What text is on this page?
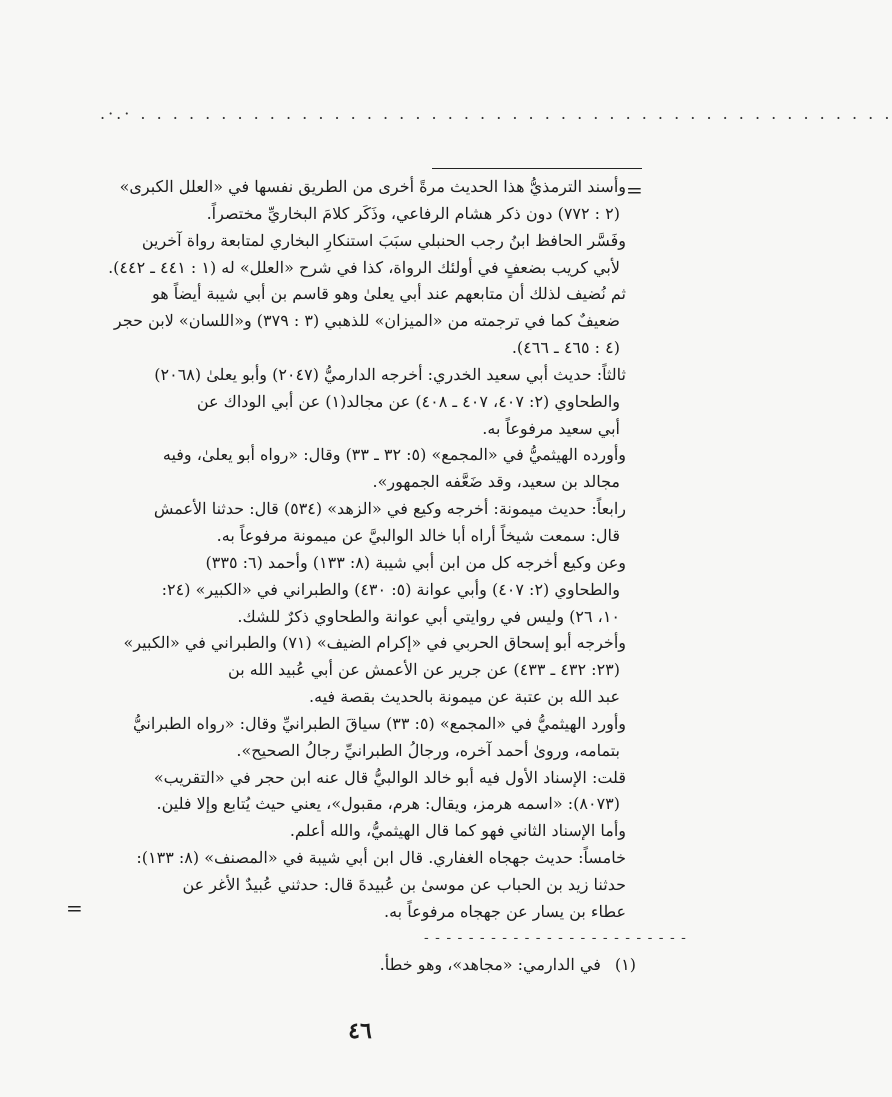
.·.· . . . . . . . . . . . . . . . . . . . . . . . . . . . . . . . . . . . . . . . . . . . . . . .
=
وأسند الترمذيُّ هذا الحديث مرةً أخرى من الطريق نفسها في «العلل الكبرى»
(٢ : ٧٧٢) دون ذكر هشام الرفاعي، وذَكَر كلامَ البخاريِّ مختصراً.
وفَسَّر الحافظ ابنُ رجب الحنبلي سبَبَ استنكارِ البخاري لمتابعة رواة آخرين
لأبي كريب بضعفٍ في أولئك الرواة، كذا في شرح «العلل» له (١ : ٤٤١ ـ ٤٤٢).
ثم نُضيف لذلك أن متابعهم عند أبي يعلىٰ وهو قاسم بن أبي شيبة أيضاً هو
ضعيفٌ كما في ترجمته من «الميزان» للذهبي (٣ : ٣٧٩) و«اللسان» لابن حجر
(٤ : ٤٦٥ ـ ٤٦٦).
ثالثاً: حديث أبي سعيد الخدري: أخرجه الدارميُّ (٢٠٤٧) وأبو يعلىٰ (٢٠٦٨)
والطحاوي (٢: ٤٠٧، ٤٠٧ ـ ٤٠٨) عن مجالد(١) عن أبي الوداك عن
أبي سعيد مرفوعاً به.
وأورده الهيثميُّ في «المجمع» (٥: ٣٢ ـ ٣٣) وقال: «رواه أبو يعلىٰ، وفيه
مجالد بن سعيد، وقد ضَعَّفه الجمهور».
رابعاً: حديث ميمونة: أخرجه وكيع في «الزهد» (٥٣٤) قال: حدثنا الأعمش
قال: سمعت شيخاً أراه أبا خالد الوالبيَّ عن ميمونة مرفوعاً به.
وعن وكيع أخرجه كل من ابن أبي شيبة (٨: ١٣٣) وأحمد (٦: ٣٣٥)
والطحاوي (٢: ٤٠٧) وأبي عوانة (٥: ٤٣٠) والطبراني في «الكبير» (٢٤:
١٠، ٢٦) وليس في روايتي أبي عوانة والطحاوي ذكرٌ للشك.
وأخرجه أبو إسحاق الحربي في «إكرام الضيف» (٧١) والطبراني في «الكبير»
(٢٣: ٤٣٢ ـ ٤٣٣) عن جرير عن الأعمش عن أبي عُبيد الله بن
عبد الله بن عتبة عن ميمونة بالحديث بقصة فيه.
وأورد الهيثميُّ في «المجمع» (٥: ٣٣) سياقَ الطبرانيِّ وقال: «رواه الطبرانيُّ
بتمامه، وروىٰ أحمد آخره، ورجالُ الطبرانيِّ رجالُ الصحيح».
قلت: الإسناد الأول فيه أبو خالد الوالبيُّ قال عنه ابن حجر في «التقريب»
(٨٠٧٣): «اسمه هرمز، ويقال: هرم، مقبول»، يعني حيث يُتابع وإلا فلين.
وأما الإسناد الثاني فهو كما قال الهيثميُّ، والله أعلم.
خامساً: حديث جهجاه الغفاري. قال ابن أبي شيبة في «المصنف» (٨: ١٣٣):
حدثنا زيد بن الحباب عن موسىٰ بن عُبيدةَ قال: حدثني عُبيدٌ الأغر عن
عطاء بن يسار عن جهجاه مرفوعاً به.
=
- - - - - - - - - - - - - - - - - - - - - - - -
(١)في الدارمي: «مجاهد»، وهو خطأ.
٤٦
